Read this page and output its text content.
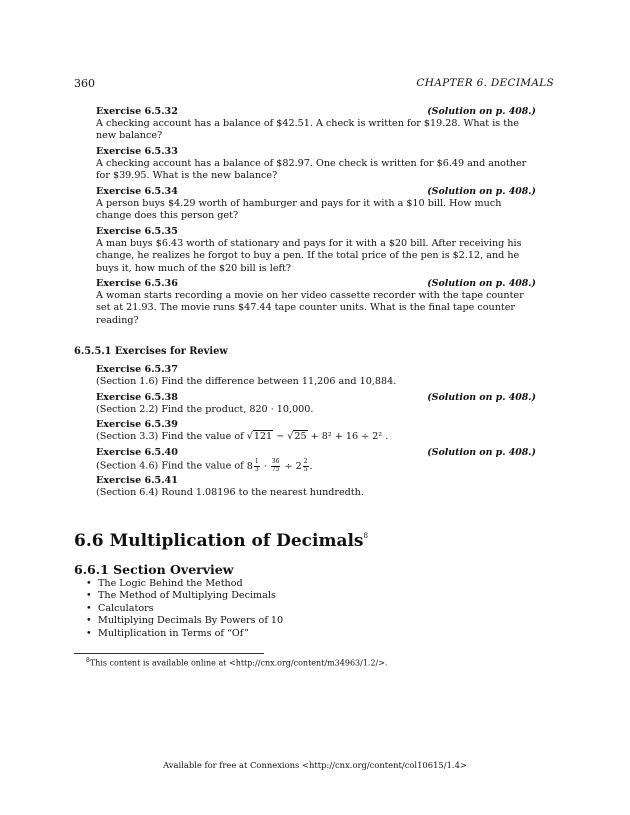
360	CHAPTER 6. DECIMALS
Exercise 6.5.32	(Solution on p. 408.)

A checking account has a balance of $42.51. A check is written for $19.28. What is the new balance?

Exercise 6.5.33

A checking account has a balance of $82.97. One check is written for $6.49 and another for $39.95. What is the new balance?

Exercise 6.5.34	(Solution on p. 408.)

A person buys $4.29 worth of hamburger and pays for it with a $10 bill. How much change does this person get?

Exercise 6.5.35

A man buys $6.43 worth of stationary and pays for it with a $20 bill. After receiving his change, he realizes he forgot to buy a pen. If the total price of the pen is $2.12, and he buys it, how much of the $20 bill is left?

Exercise 6.5.36	(Solution on p. 408.)

A woman starts recording a movie on her video cassette recorder with the tape counter set at 21.93. The movie runs $47.44 tape counter units. What is the final tape counter reading?

6.5.5.1 Exercises for Review
Exercise 6.5.37

(Section 1.6) Find the difference between 11,206 and 10,884.

Exercise 6.5.38	(Solution on p. 408.)

(Section 2.2) Find the product, 820 · 10,000.

Exercise 6.5.39

(Section 3.3) Find the value of √121 − √25 + 8² + 16 ÷ 2² .

Exercise 6.5.40	(Solution on p. 408.)

(Section 4.6) Find the value of $8 \frac{1}{3} \cdot \frac{36}{75} \div 2 \frac{2}{5}$ .

Exercise 6.5.41

(Section 6.4) Round 1.08196 to the nearest hundredth.

6.6 Multiplication of Decimals$^8$
6.6.1 Section Overview
• The Logic Behind the Method
• The Method of Multiplying Decimals
• Calculators
• Multiplying Decimals By Powers of 10
• Multiplication in Terms of “Of”
$^8$This content is available online at <http://cnx.org/content/m34963/1.2/>.
Available for free at Connexions <http://cnx.org/content/col10615/1.4>
